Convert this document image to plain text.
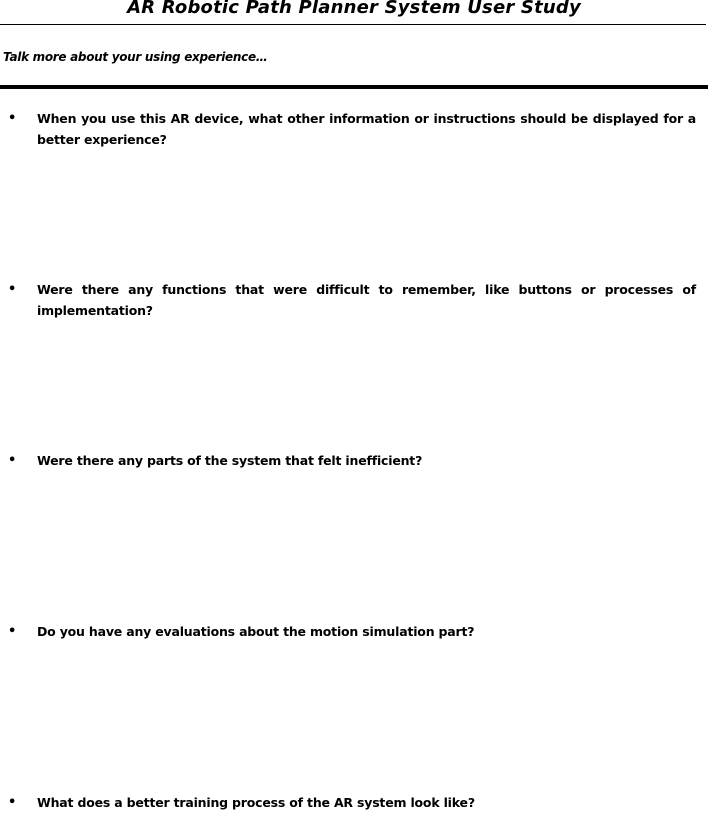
AR Robotic Path Planner System User Study
Talk more about your using experience…
• When you use this AR device, what other information or instructions should be displayed for a better experience?
• Were there any functions that were difficult to remember, like buttons or processes of implementation?
• Were there any parts of the system that felt inefficient?
• Do you have any evaluations about the motion simulation part?
• What does a better training process of the AR system look like?
